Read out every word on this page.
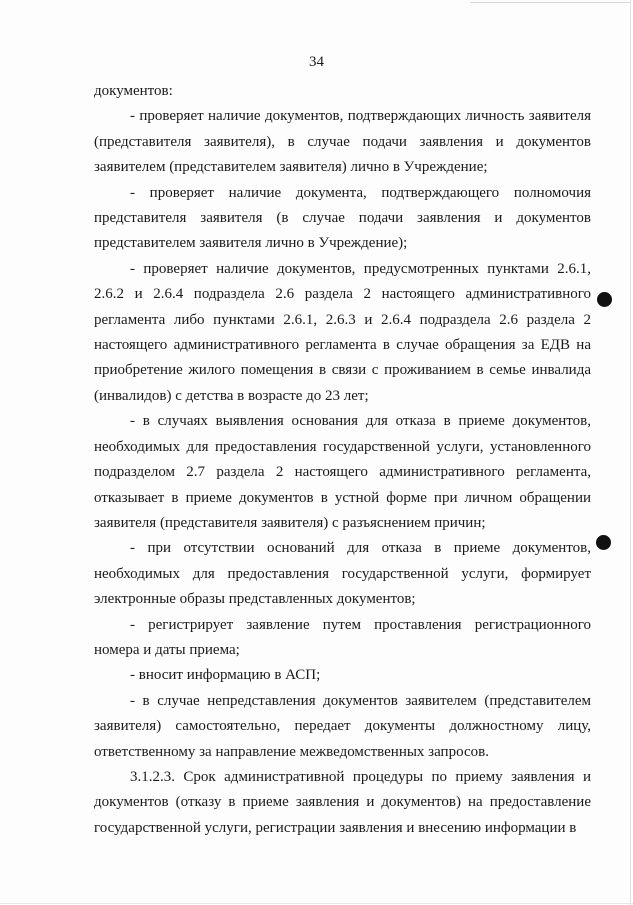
34

документов:

- проверяет наличие документов, подтверждающих личность заявителя (представителя заявителя), в случае подачи заявления и документов заявителем (представителем заявителя) лично в Учреждение;

- проверяет наличие документа, подтверждающего полномочия представителя заявителя (в случае подачи заявления и документов представителем заявителя лично в Учреждение);

- проверяет наличие документов, предусмотренных пунктами 2.6.1, 2.6.2 и 2.6.4 подраздела 2.6 раздела 2 настоящего административного регламента либо пунктами 2.6.1, 2.6.3 и 2.6.4 подраздела 2.6 раздела 2 настоящего административного регламента в случае обращения за ЕДВ на приобретение жилого помещения в связи с проживанием в семье инвалида (инвалидов) с детства в возрасте до 23 лет;

- в случаях выявления основания для отказа в приеме документов, необходимых для предоставления государственной услуги, установленного подразделом 2.7 раздела 2 настоящего административного регламента, отказывает в приеме документов в устной форме при личном обращении заявителя (представителя заявителя) с разъяснением причин;

- при отсутствии оснований для отказа в приеме документов, необходимых для предоставления государственной услуги, формирует электронные образы представленных документов;

- регистрирует заявление путем проставления регистрационного номера и даты приема;

- вносит информацию в АСП;

- в случае непредставления документов заявителем (представителем заявителя) самостоятельно, передает документы должностному лицу, ответственному за направление межведомственных запросов.

3.1.2.3. Срок административной процедуры по приему заявления и документов (отказу в приеме заявления и документов) на предоставление государственной услуги, регистрации заявления и внесению информации в
